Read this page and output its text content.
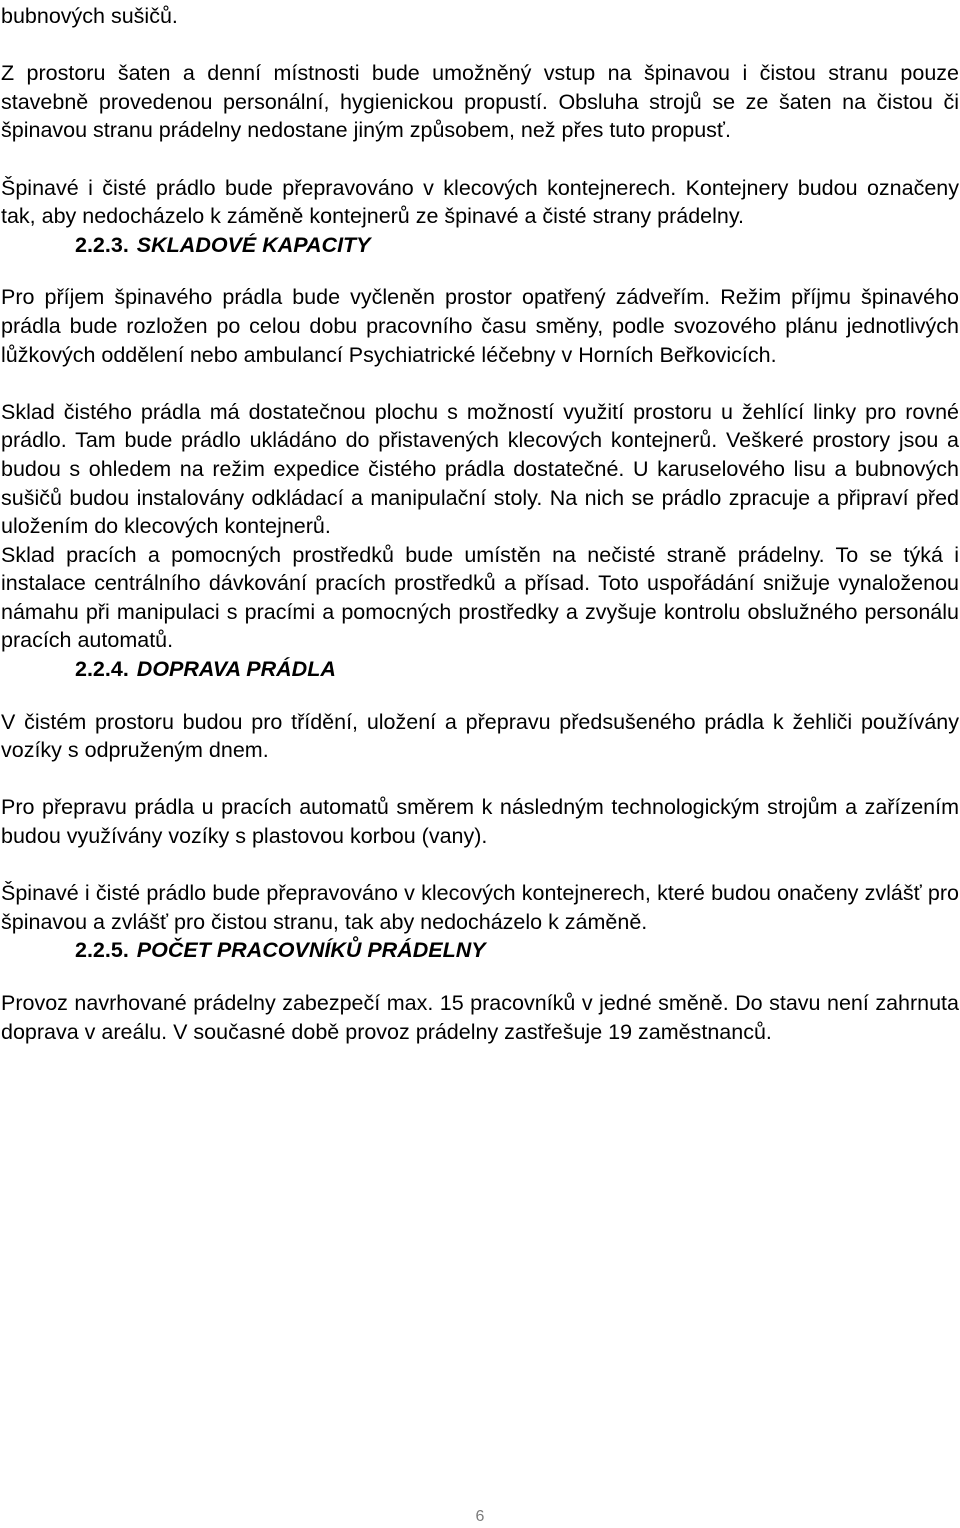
bubnových sušičů.

Z prostoru šaten a denní místnosti bude umožněný vstup na špinavou i čistou stranu pouze stavebně provedenou personální, hygienickou propustí. Obsluha strojů se ze šaten na čistou či špinavou stranu prádelny nedostane jiným způsobem, než přes tuto propusť.

Špinavé i čisté prádlo bude přepravováno v klecových kontejnerech. Kontejnery budou označeny tak, aby nedocházelo k záměně kontejnerů ze špinavé a čisté strany prádelny.

2.2.3. SKLADOVÉ KAPACITY

Pro příjem špinavého prádla bude vyčleněn prostor opatřený zádveřím. Režim příjmu špinavého prádla bude rozložen po celou dobu pracovního času směny, podle svozového plánu jednotlivých lůžkových oddělení nebo ambulancí Psychiatrické léčebny v Horních Beřkovicích.

Sklad čistého prádla má dostatečnou plochu s možností využití prostoru u žehlící linky pro rovné prádlo. Tam bude prádlo ukládáno do přistavených klecových kontejnerů. Veškeré prostory jsou a budou s ohledem na režim expedice čistého prádla dostatečné. U karuselového lisu a bubnových sušičů budou instalovány odkládací a manipulační stoly. Na nich se prádlo zpracuje a připraví před uložením do klecových kontejnerů.

Sklad pracích a pomocných prostředků bude umístěn na nečisté straně prádelny. To se týká i instalace centrálního dávkování pracích prostředků a přísad. Toto uspořádání snižuje vynaloženou námahu při manipulaci s pracími a pomocných prostředky a zvyšuje kontrolu obslužného personálu pracích automatů.

2.2.4. DOPRAVA PRÁDLA

V čistém prostoru budou pro třídění, uložení a přepravu předsušeného prádla k žehliči používány vozíky s odpruženým dnem.

Pro přepravu prádla u pracích automatů směrem k následným technologickým strojům a zařízením budou využívány vozíky s plastovou korbou (vany).

Špinavé i čisté prádlo bude přepravováno v klecových kontejnerech, které budou onačeny zvlášť pro špinavou a zvlášť pro čistou stranu, tak aby nedocházelo k záměně.

2.2.5. POČET PRACOVNÍKŮ PRÁDELNY

Provoz navrhované prádelny zabezpečí max. 15 pracovníků v jedné směně. Do stavu není zahrnuta doprava v areálu. V současné době provoz prádelny zastřešuje 19 zaměstnanců.

6
